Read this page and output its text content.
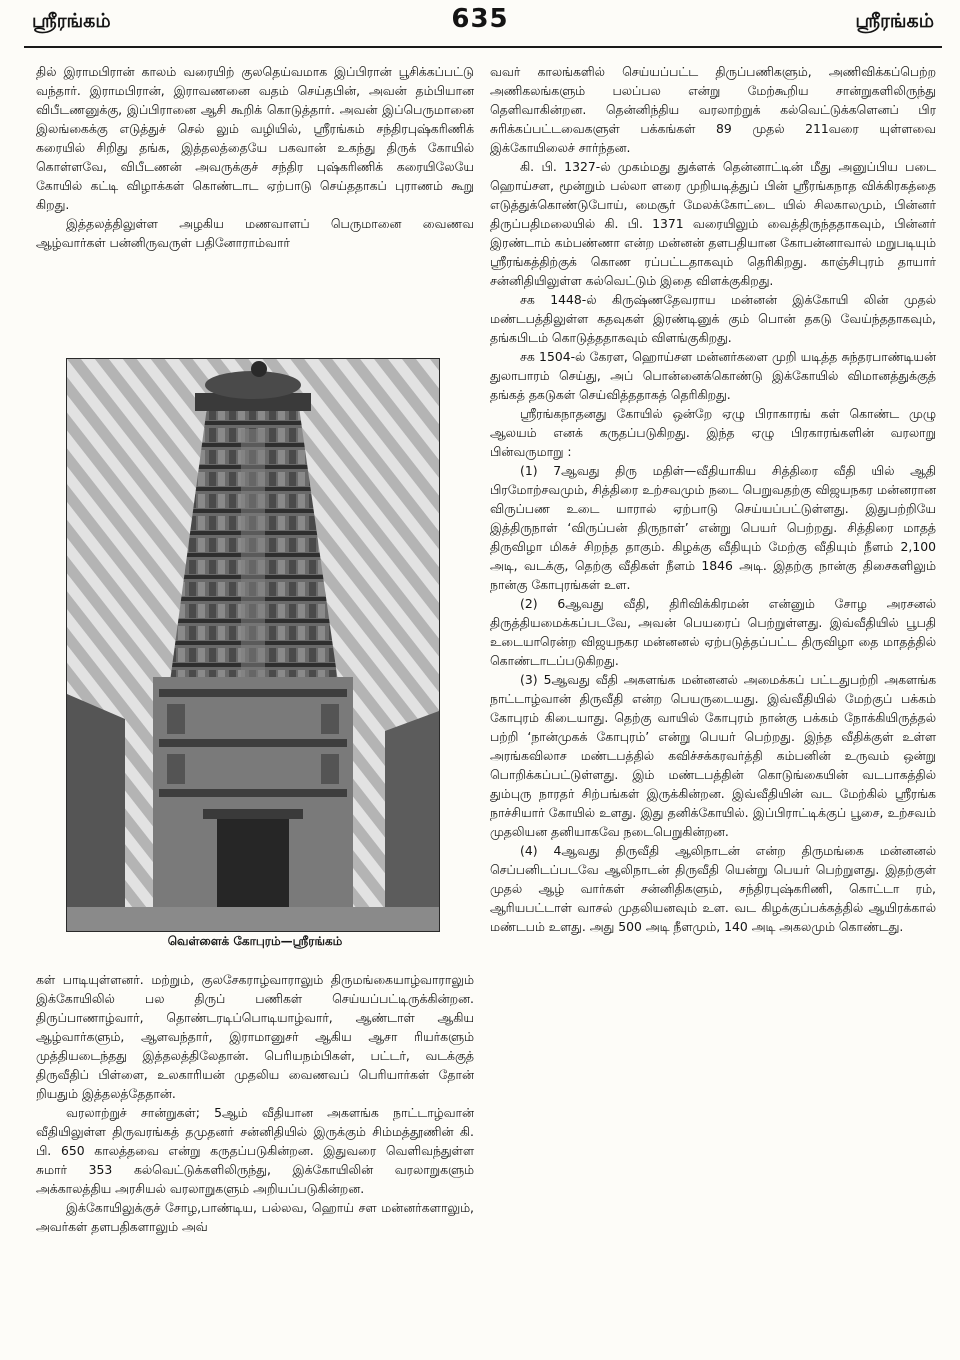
ஸ்ரீரங்கம்	635	ஸ்ரீரங்கம்

தில் இராமபிரான் காலம் வரையிற் குலதெய்வமாக இப்பிரான் பூசிக்கப்பட்டு வந்தார். இராமபிரான், இராவணனை வதம் செய்தபின், அவன் தம்பியான விபீடணனுக்கு, இப்பிரானை ஆசி கூறிக் கொடுத்தார். அவன் இப்பெருமானை இலங்கைக்கு எடுத்துச் செல் லும் வழியில், ஸ்ரீரங்கம் சந்திரபுஷ்கரிணிக் கரையில் சிறிது தங்க, இத்தலத்தையே பகவான் உகந்து திருக் கோயில் கொள்ளவே, விபீடணன் அவருக்குச் சந்திர புஷ்கரிணிக் கரையிலேயே கோயில் கட்டி விழாக்கள் கொண்டாட ஏற்பாடு செய்ததாகப் புராணம் கூறு கிறது.

இத்தலத்திலுள்ள அழகிய மணவாளப் பெருமானை வைணவ ஆழ்வார்கள் பன்னிருவருள் பதினோராம்வார்

வெள்ளைக் கோபுரம்—ஸ்ரீரங்கம்

கள் பாடியுள்ளனர். மற்றும், குலசேகராழ்வாராலும் திருமங்கையாழ்வாராலும் இக்கோயிலில் பல திருப் பணிகள் செய்யப்பட்டிருக்கின்றன. திருப்பாணாழ்வார், தொண்டரடிப்பொடியாழ்வார், ஆண்டாள் ஆகிய ஆழ்வார்களும், ஆளவந்தார், இராமானுசர் ஆகிய ஆசா ரியர்களும் முத்தியடைந்தது இத்தலத்திலேதான். பெரியநம்பிகள், பட்டர், வடக்குத் திருவீதிப் பிள்ளை, உலகாரியன் முதலிய வைணவப் பெரியார்கள் தோன் றியதும் இத்தலத்தேதான்.

வரலாற்றுச் சான்றுகள்; 5ஆம் வீதியான அகளங்க நாட்டாழ்வான் வீதியிலுள்ள திருவரங்கத் தமுதனர் சன்னிதியில் இருக்கும் சிம்மத்தூணின் கி. பி. 650 காலத்தவை என்று கருதப்படுகின்றன. இதுவரை வெளிவந்துள்ள சுமார் 353 கல்வெட்டுக்களிலிருந்து, இக்கோயிலின் வரலாறுகளும் அக்காலத்திய அரசியல் வரலாறுகளும் அறியப்படுகின்றன.

இக்கோயிலுக்குச் சோழ,பாண்டிய, பல்லவ, ஹொய் சள மன்னர்களாலும், அவர்கள் தளபதிகளாலும் அவ்

வவர் காலங்களில் செய்யப்பட்ட திருப்பணிகளும், அணிவிக்கப்பெற்ற அணிகலங்களும் பலப்பல என்று மேற்கூறிய சான்றுகளிலிருந்து தெளிவாகின்றன. தென்னிந்திய வரலாற்றுக் கல்வெட்டுக்களெனப் பிர சுரிக்கப்பட்டவைகளுள் பக்கங்கள் 89 முதல் 211வரை யுள்ளவை இக்கோயிலைச் சார்ந்தன.

கி. பி. 1327-ல் முகம்மது துக்ளக் தென்னாட்டின் மீது அனுப்பிய படை ஹொய்சள, மூன்றும் பல்லா ளரை முறியடித்துப் பின் ஸ்ரீரங்கநாத விக்கிரகத்தை எடுத்துக்கொண்டுபோய், மைசூர் மேலக்கோட்டை யில் சிலகாலமும், பின்னர் திருப்பதிமலையில் கி. பி. 1371 வரையிலும் வைத்திருந்ததாகவும், பின்னர் இரண்டாம் கம்பண்ணா என்ற மன்னன் தளபதியான கோபன்னாவால் மறுபடியும் ஸ்ரீரங்கத்திற்குக் கொண ரப்பட்டதாகவும் தெரிகிறது. காஞ்சிபுரம் தாயார் சன்னிதியிலுள்ள கல்வெட்டும் இதை விளக்குகிறது.

சக 1448-ல் கிருஷ்ணதேவராய மன்னன் இக்கோயி லின் முதல் மண்டபத்திலுள்ள கதவுகள் இரண்டினுக் கும் பொன் தகடு வேய்ந்ததாகவும், தங்கபிடம் கொடுத்ததாகவும் விளங்குகிறது.

சக 1504-ல் கேரள, ஹொய்சள மன்னர்களை முறி யடித்த சுந்தரபாண்டியன் துலாபாரம் செய்து, அப் பொன்னைக்கொண்டு இக்கோயில் விமானத்துக்குத் தங்கத் தகடுகள் செய்வித்ததாகத் தெரிகிறது.

ஸ்ரீரங்கநாதனது கோயில் ஒன்றே ஏழு பிராகாரங் கள் கொண்ட முழு ஆலயம் எனக் கருதப்படுகிறது. இந்த ஏழு பிரகாரங்களின் வரலாறு பின்வருமாறு :

(1) 7ஆவது திரு மதிள்—வீதியாகிய சித்திரை வீதி யில் ஆதி பிரமோற்சவமும், சித்திரை உற்சவமும் நடை பெறுவதற்கு விஜயநகர மன்னரான விருப்பண உடை யாரால் ஏற்பாடு செய்யப்பட்டுள்ளது. இதுபற்றியே இத்திருநாள் ‘விருப்பன் திருநாள்’ என்று பெயர் பெற்றது. சித்திரை மாதத் திருவிழா மிகச் சிறந்த தாகும். கிழக்கு வீதியும் மேற்கு வீதியும் நீளம் 2,100 அடி, வடக்கு, தெற்கு வீதிகள் நீளம் 1846 அடி. இதற்கு நான்கு திசைகளிலும் நான்கு கோபுரங்கள் உள.

(2) 6ஆவது வீதி, திரிவிக்கிரமன் என்னும் சோழ அரசனல் திருத்தியமைக்கப்படவே, அவன் பெயரைப் பெற்றுள்ளது. இவ்வீதியில் பூபதி உடையாரென்ற விஜயநகர மன்னனல் ஏற்படுத்தப்பட்ட திருவிழா தை மாதத்தில் கொண்டாடப்படுகிறது.

(3) 5ஆவது வீதி அகளங்க மன்னனல் அமைக்கப் பட்டதுபற்றி அகளங்க நாட்டாழ்வான் திருவீதி என்ற பெயருடையது. இவ்வீதியில் மேற்குப் பக்கம் கோபுரம் கிடையாது. தெற்கு வாயில் கோபுரம் நான்கு பக்கம் நோக்கியிருத்தல் பற்றி ‘நான்முகக் கோபுரம்’ என்று பெயர் பெற்றது. இந்த வீதிக்குள் உள்ள அரங்கவிலாச மண்டபத்தில் கவிச்சக்கரவர்த்தி கம்பனின் உருவம் ஒன்று பொறிக்கப்பட்டுள்ளது. இம் மண்டபத்தின் கொடுங்கையின் வடபாகத்தில் தும்புரு நாரதர் சிற்பங்கள் இருக்கின்றன. இவ்வீதியின் வட மேற்கில் ஸ்ரீரங்க நாச்சியார் கோயில் உளது. இது தனிக்கோயில். இப்பிராட்டிக்குப் பூசை, உற்சவம் முதலியன தனியாகவே நடைபெறுகின்றன.

(4) 4ஆவது திருவீதி ஆலிநாடன் என்ற திருமங்கை மன்னனல் செப்பனிடப்படவே ஆலிநாடன் திருவீதி யென்று பெயர் பெற்றுளது. இதற்குள் முதல் ஆழ் வார்கள் சன்னிதிகளும், சந்திரபுஷ்கரிணி, கொட்டா ரம், ஆரியபட்டாள் வாசல் முதலியனவும் உள. வட கிழக்குப்பக்கத்தில் ஆயிரக்கால் மண்டபம் உளது. அது 500 அடி நீளமும், 140 அடி அகலமும் கொண்டது.
